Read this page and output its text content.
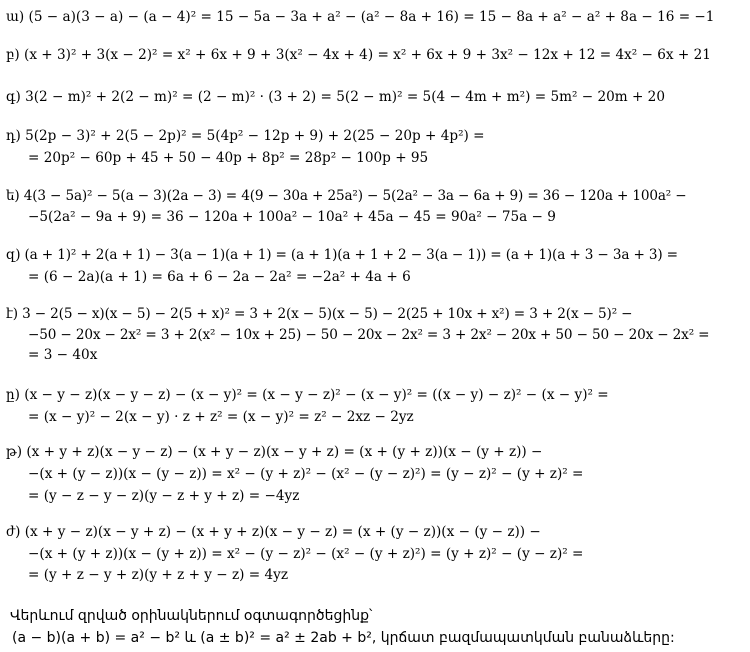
ա) (5 − a)(3 − a) − (a − 4)² = 15 − 5a − 3a + a² − (a² − 8a + 16) = 15 − 8a + a² − a² + 8a − 16 = −1
բ) (x + 3)² + 3(x − 2)² = x² + 6x + 9 + 3(x² − 4x + 4) = x² + 6x + 9 + 3x² − 12x + 12 = 4x² − 6x + 21
գ) 3(2 − m)² + 2(2 − m)² = (2 − m)² · (3 + 2) = 5(2 − m)² = 5(4 − 4m + m²) = 5m² − 20m + 20
դ) 5(2p − 3)² + 2(5 − 2p)² = 5(4p² − 12p + 9) + 2(25 − 20p + 4p²) =
= 20p² − 60p + 45 + 50 − 40p + 8p² = 28p² − 100p + 95
ե) 4(3 − 5a)² − 5(a − 3)(2a − 3) = 4(9 − 30a + 25a²) − 5(2a² − 3a − 6a + 9) = 36 − 120a + 100a² −
−5(2a² − 9a + 9) = 36 − 120a + 100a² − 10a² + 45a − 45 = 90a² − 75a − 9
զ) (a + 1)² + 2(a + 1) − 3(a − 1)(a + 1) = (a + 1)(a + 1 + 2 − 3(a − 1)) = (a + 1)(a + 3 − 3a + 3) =
= (6 − 2a)(a + 1) = 6a + 6 − 2a − 2a² = −2a² + 4a + 6
է) 3 − 2(5 − x)(x − 5) − 2(5 + x)² = 3 + 2(x − 5)(x − 5) − 2(25 + 10x + x²) = 3 + 2(x − 5)² −
−50 − 20x − 2x² = 3 + 2(x² − 10x + 25) − 50 − 20x − 2x² = 3 + 2x² − 20x + 50 − 50 − 20x − 2x² =
= 3 − 40x
ը) (x − y − z)(x − y − z) − (x − y)² = (x − y − z)² − (x − y)² = ((x − y) − z)² − (x − y)² =
= (x − y)² − 2(x − y) · z + z² = (x − y)² = z² − 2xz − 2yz
թ) (x + y + z)(x − y − z) − (x + y − z)(x − y + z) = (x + (y + z))(x − (y + z)) −
−(x + (y − z))(x − (y − z)) = x² − (y + z)² − (x² − (y − z)²) = (y − z)² − (y + z)² =
= (y − z − y − z)(y − z + y + z) = −4yz
ժ) (x + y − z)(x − y + z) − (x + y + z)(x − y − z) = (x + (y − z))(x − (y − z)) −
−(x + (y + z))(x − (y + z)) = x² − (y − z)² − (x² − (y + z)²) = (y + z)² − (y − z)² =
= (y + z − y + z)(y + z + y − z) = 4yz
Վերևում զրված օրինակներում օգտագործեցինք՝
(a − b)(a + b) = a² − b² և (a ± b)² = a² ± 2ab + b², կրճատ բազմապատկման բանաձևերը:
